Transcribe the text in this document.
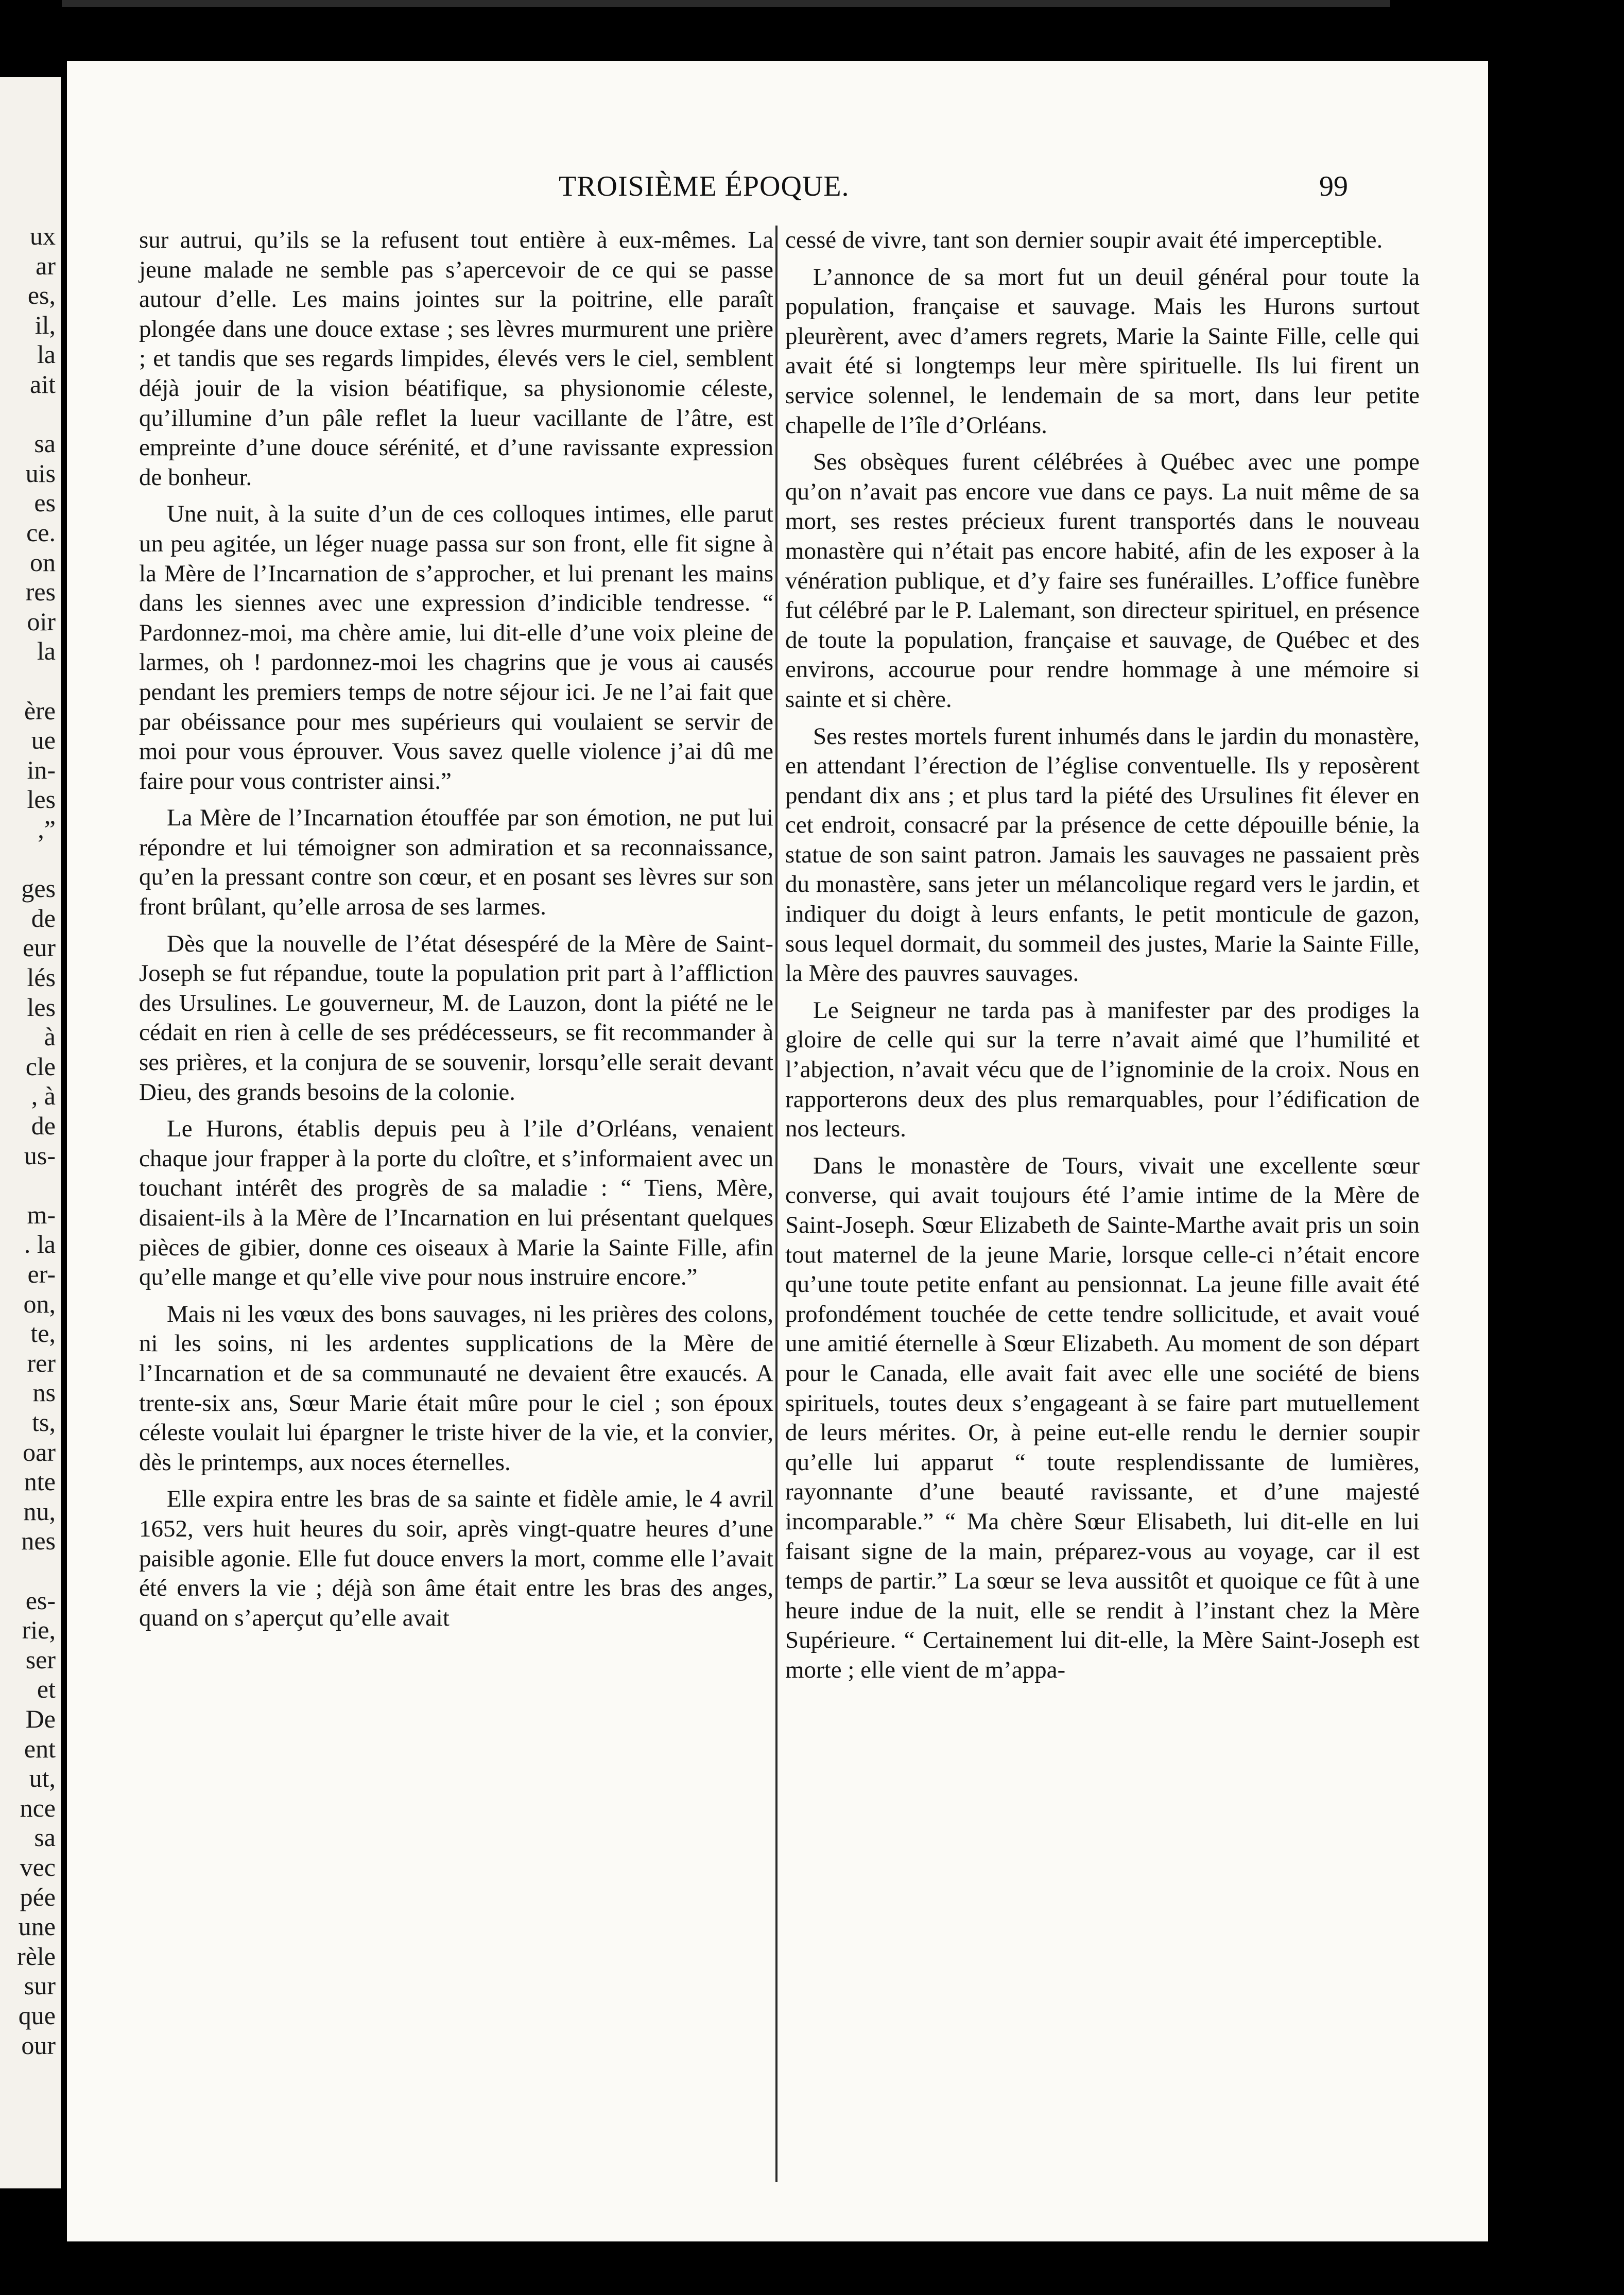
ux
ar
es,
il,
la
ait
sa
uis
es
ce.
on
res
oir
la
ère
ue
in-
les
,”
ges
de
eur
lés
les
à
cle
, à
de
us-
m-
. la
er-
on,
te,
rer
ns
ts,
oar
nte
nu,
nes
es-
rie,
ser
et
De
ent
ut,
nce
sa
vec
pée
une
rèle
sur
que
our
TROISIÈME ÉPOQUE.	99

sur autrui, qu’ils se la refusent tout entière à eux-mêmes. La jeune malade ne semble pas s’apercevoir de ce qui se passe autour d’elle. Les mains jointes sur la poitrine, elle paraît plongée dans une douce extase ; ses lèvres murmurent une prière ; et tandis que ses regards limpides, élevés vers le ciel, semblent déjà jouir de la vision béatifique, sa physionomie céleste, qu’illumine d’un pâle reflet la lueur vacillante de l’âtre, est empreinte d’une douce sérénité, et d’une ravissante expression de bonheur.

Une nuit, à la suite d’un de ces colloques intimes, elle parut un peu agitée, un léger nuage passa sur son front, elle fit signe à la Mère de l’Incarnation de s’approcher, et lui prenant les mains dans les siennes avec une expression d’indicible tendresse. “ Pardonnez-moi, ma chère amie, lui dit-elle d’une voix pleine de larmes, oh ! pardonnez-moi les chagrins que je vous ai causés pendant les premiers temps de notre séjour ici. Je ne l’ai fait que par obéissance pour mes supérieurs qui voulaient se servir de moi pour vous éprouver. Vous savez quelle violence j’ai dû me faire pour vous contrister ainsi.”

La Mère de l’Incarnation étouffée par son émotion, ne put lui répondre et lui témoigner son admiration et sa reconnaissance, qu’en la pressant contre son cœur, et en posant ses lèvres sur son front brûlant, qu’elle arrosa de ses larmes.

Dès que la nouvelle de l’état désespéré de la Mère de Saint-Joseph se fut répandue, toute la population prit part à l’affliction des Ursulines. Le gouverneur, M. de Lauzon, dont la piété ne le cédait en rien à celle de ses prédécesseurs, se fit recommander à ses prières, et la conjura de se souvenir, lorsqu’elle serait devant Dieu, des grands besoins de la colonie.

Le Hurons, établis depuis peu à l’ile d’Orléans, venaient chaque jour frapper à la porte du cloître, et s’informaient avec un touchant intérêt des progrès de sa maladie : “ Tiens, Mère, disaient-ils à la Mère de l’Incarnation en lui présentant quelques pièces de gibier, donne ces oiseaux à Marie la Sainte Fille, afin qu’elle mange et qu’elle vive pour nous instruire encore.”

Mais ni les vœux des bons sauvages, ni les prières des colons, ni les soins, ni les ardentes supplications de la Mère de l’Incarnation et de sa communauté ne devaient être exaucés. A trente-six ans, Sœur Marie était mûre pour le ciel ; son époux céleste voulait lui épargner le triste hiver de la vie, et la convier, dès le printemps, aux noces éternelles.

Elle expira entre les bras de sa sainte et fidèle amie, le 4 avril 1652, vers huit heures du soir, après vingt-quatre heures d’une paisible agonie. Elle fut douce envers la mort, comme elle l’avait été envers la vie ; déjà son âme était entre les bras des anges, quand on s’aperçut qu’elle avait

cessé de vivre, tant son dernier soupir avait été imperceptible.

L’annonce de sa mort fut un deuil général pour toute la population, française et sauvage. Mais les Hurons surtout pleurèrent, avec d’amers regrets, Marie la Sainte Fille, celle qui avait été si longtemps leur mère spirituelle. Ils lui firent un service solennel, le lendemain de sa mort, dans leur petite chapelle de l’île d’Orléans.

Ses obsèques furent célébrées à Québec avec une pompe qu’on n’avait pas encore vue dans ce pays. La nuit même de sa mort, ses restes précieux furent transportés dans le nouveau monastère qui n’était pas encore habité, afin de les exposer à la vénération publique, et d’y faire ses funérailles. L’office funèbre fut célébré par le P. Lalemant, son directeur spirituel, en présence de toute la population, française et sauvage, de Québec et des environs, accourue pour rendre hommage à une mémoire si sainte et si chère.

Ses restes mortels furent inhumés dans le jardin du monastère, en attendant l’érection de l’église conventuelle. Ils y reposèrent pendant dix ans ; et plus tard la piété des Ursulines fit élever en cet endroit, consacré par la présence de cette dépouille bénie, la statue de son saint patron. Jamais les sauvages ne passaient près du monastère, sans jeter un mélancolique regard vers le jardin, et indiquer du doigt à leurs enfants, le petit monticule de gazon, sous lequel dormait, du sommeil des justes, Marie la Sainte Fille, la Mère des pauvres sauvages.

Le Seigneur ne tarda pas à manifester par des prodiges la gloire de celle qui sur la terre n’avait aimé que l’humilité et l’abjection, n’avait vécu que de l’ignominie de la croix. Nous en rapporterons deux des plus remarquables, pour l’édification de nos lecteurs.

Dans le monastère de Tours, vivait une excellente sœur converse, qui avait toujours été l’amie intime de la Mère de Saint-Joseph. Sœur Elizabeth de Sainte-Marthe avait pris un soin tout maternel de la jeune Marie, lorsque celle-ci n’était encore qu’une toute petite enfant au pensionnat. La jeune fille avait été profondément touchée de cette tendre sollicitude, et avait voué une amitié éternelle à Sœur Elizabeth. Au moment de son départ pour le Canada, elle avait fait avec elle une société de biens spirituels, toutes deux s’engageant à se faire part mutuellement de leurs mérites. Or, à peine eut-elle rendu le dernier soupir qu’elle lui apparut “ toute resplendissante de lumières, rayonnante d’une beauté ravissante, et d’une majesté incomparable.” “ Ma chère Sœur Elisabeth, lui dit-elle en lui faisant signe de la main, préparez-vous au voyage, car il est temps de partir.” La sœur se leva aussitôt et quoique ce fût à une heure indue de la nuit, elle se rendit à l’instant chez la Mère Supérieure. “ Certainement lui dit-elle, la Mère Saint-Joseph est morte ; elle vient de m’appa-
